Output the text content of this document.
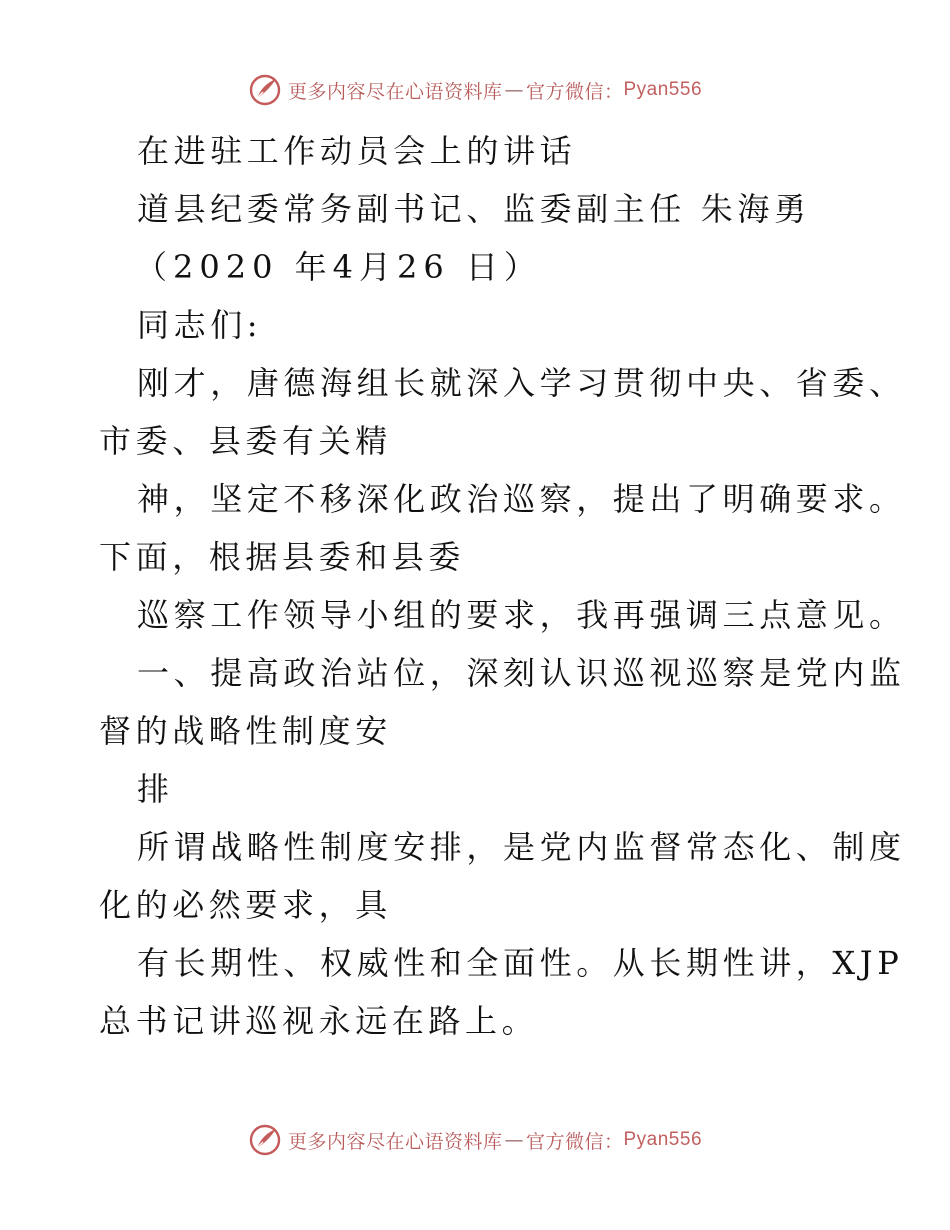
更多内容尽在心语资料库 — 官方微信： Pyan556
在进驻工作动员会上的讲话
道县纪委常务副书记、监委副主任 朱海勇
（2020 年4月26 日）
同志们:
刚才，唐德海组长就深入学习贯彻中央、省委、
市委、县委有关精
神，坚定不移深化政治巡察，提出了明确要求。
下面，根据县委和县委
巡察工作领导小组的要求，我再强调三点意见。
一、提高政治站位，深刻认识巡视巡察是党内监
督的战略性制度安
排
所谓战略性制度安排，是党内监督常态化、制度
化的必然要求，具
有长期性、权威性和全面性。从长期性讲，XJP
总书记讲巡视永远在路上。
更多内容尽在心语资料库 — 官方微信： Pyan556
